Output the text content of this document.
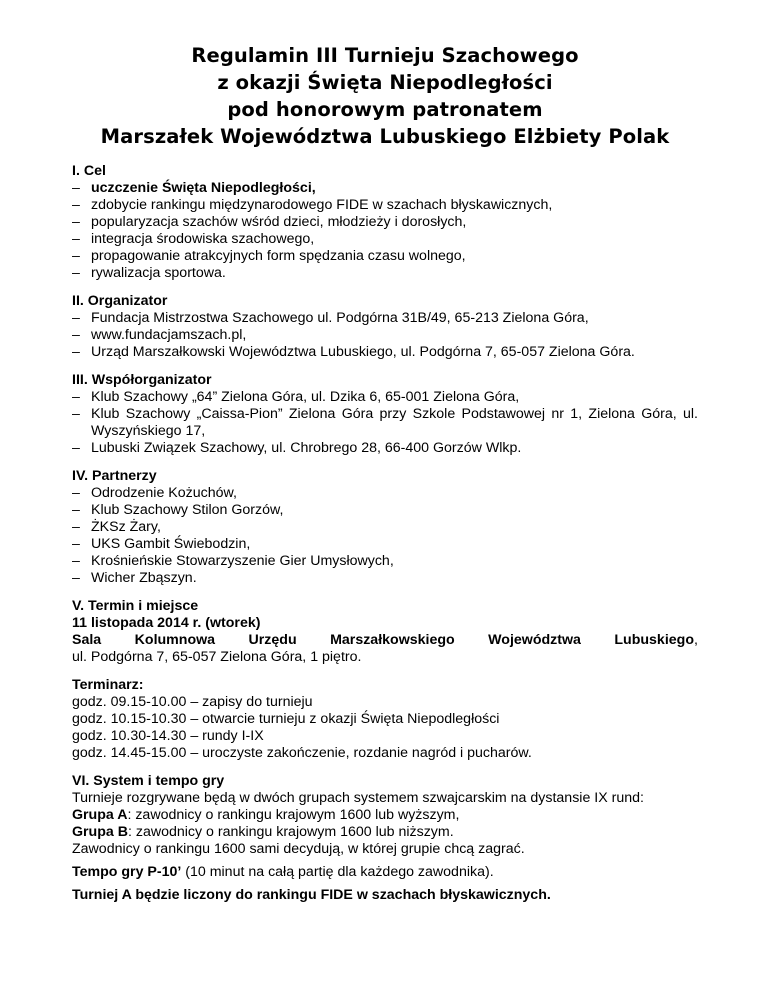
Regulamin III Turnieju Szachowego
z okazji Święta Niepodległości
pod honorowym patronatem
Marszałek Województwa Lubuskiego Elżbiety Polak
I. Cel
– uczczenie Święta Niepodległości,
– zdobycie rankingu międzynarodowego FIDE w szachach błyskawicznych,
– popularyzacja szachów wśród dzieci, młodzieży i dorosłych,
– integracja środowiska szachowego,
– propagowanie atrakcyjnych form spędzania czasu wolnego,
– rywalizacja sportowa.
II. Organizator
– Fundacja Mistrzostwa Szachowego ul. Podgórna 31B/49, 65-213 Zielona Góra,
– www.fundacjamszach.pl,
– Urząd Marszałkowski Województwa Lubuskiego, ul. Podgórna 7, 65-057 Zielona Góra.
III. Współorganizator
– Klub Szachowy „64” Zielona Góra, ul. Dzika 6, 65-001 Zielona Góra,
– Klub Szachowy „Caissa-Pion” Zielona Góra przy Szkole Podstawowej nr 1, Zielona Góra, ul. Wyszyńskiego 17,
– Lubuski Związek Szachowy, ul. Chrobrego 28, 66-400 Gorzów Wlkp.
IV. Partnerzy
– Odrodzenie Kożuchów,
– Klub Szachowy Stilon Gorzów,
– ŻKSz Żary,
– UKS Gambit Świebodzin,
– Krośnieńskie Stowarzyszenie Gier Umysłowych,
– Wicher Zbąszyn.
V. Termin i miejsce
11 listopada 2014 r. (wtorek)
Sala Kolumnowa Urzędu Marszałkowskiego Województwa Lubuskiego,
ul. Podgórna 7, 65-057 Zielona Góra, 1 piętro.
Terminarz:
godz. 09.15-10.00 – zapisy do turnieju
godz. 10.15-10.30 – otwarcie turnieju z okazji Święta Niepodległości
godz. 10.30-14.30 – rundy I-IX
godz. 14.45-15.00 – uroczyste zakończenie, rozdanie nagród i pucharów.
VI. System i tempo gry
Turnieje rozgrywane będą w dwóch grupach systemem szwajcarskim na dystansie IX rund:
Grupa A: zawodnicy o rankingu krajowym 1600 lub wyższym,
Grupa B: zawodnicy o rankingu krajowym 1600 lub niższym.
Zawodnicy o rankingu 1600 sami decydują, w której grupie chcą zagrać.
Tempo gry P-10’ (10 minut na całą partię dla każdego zawodnika).
Turniej A będzie liczony do rankingu FIDE w szachach błyskawicznych.
